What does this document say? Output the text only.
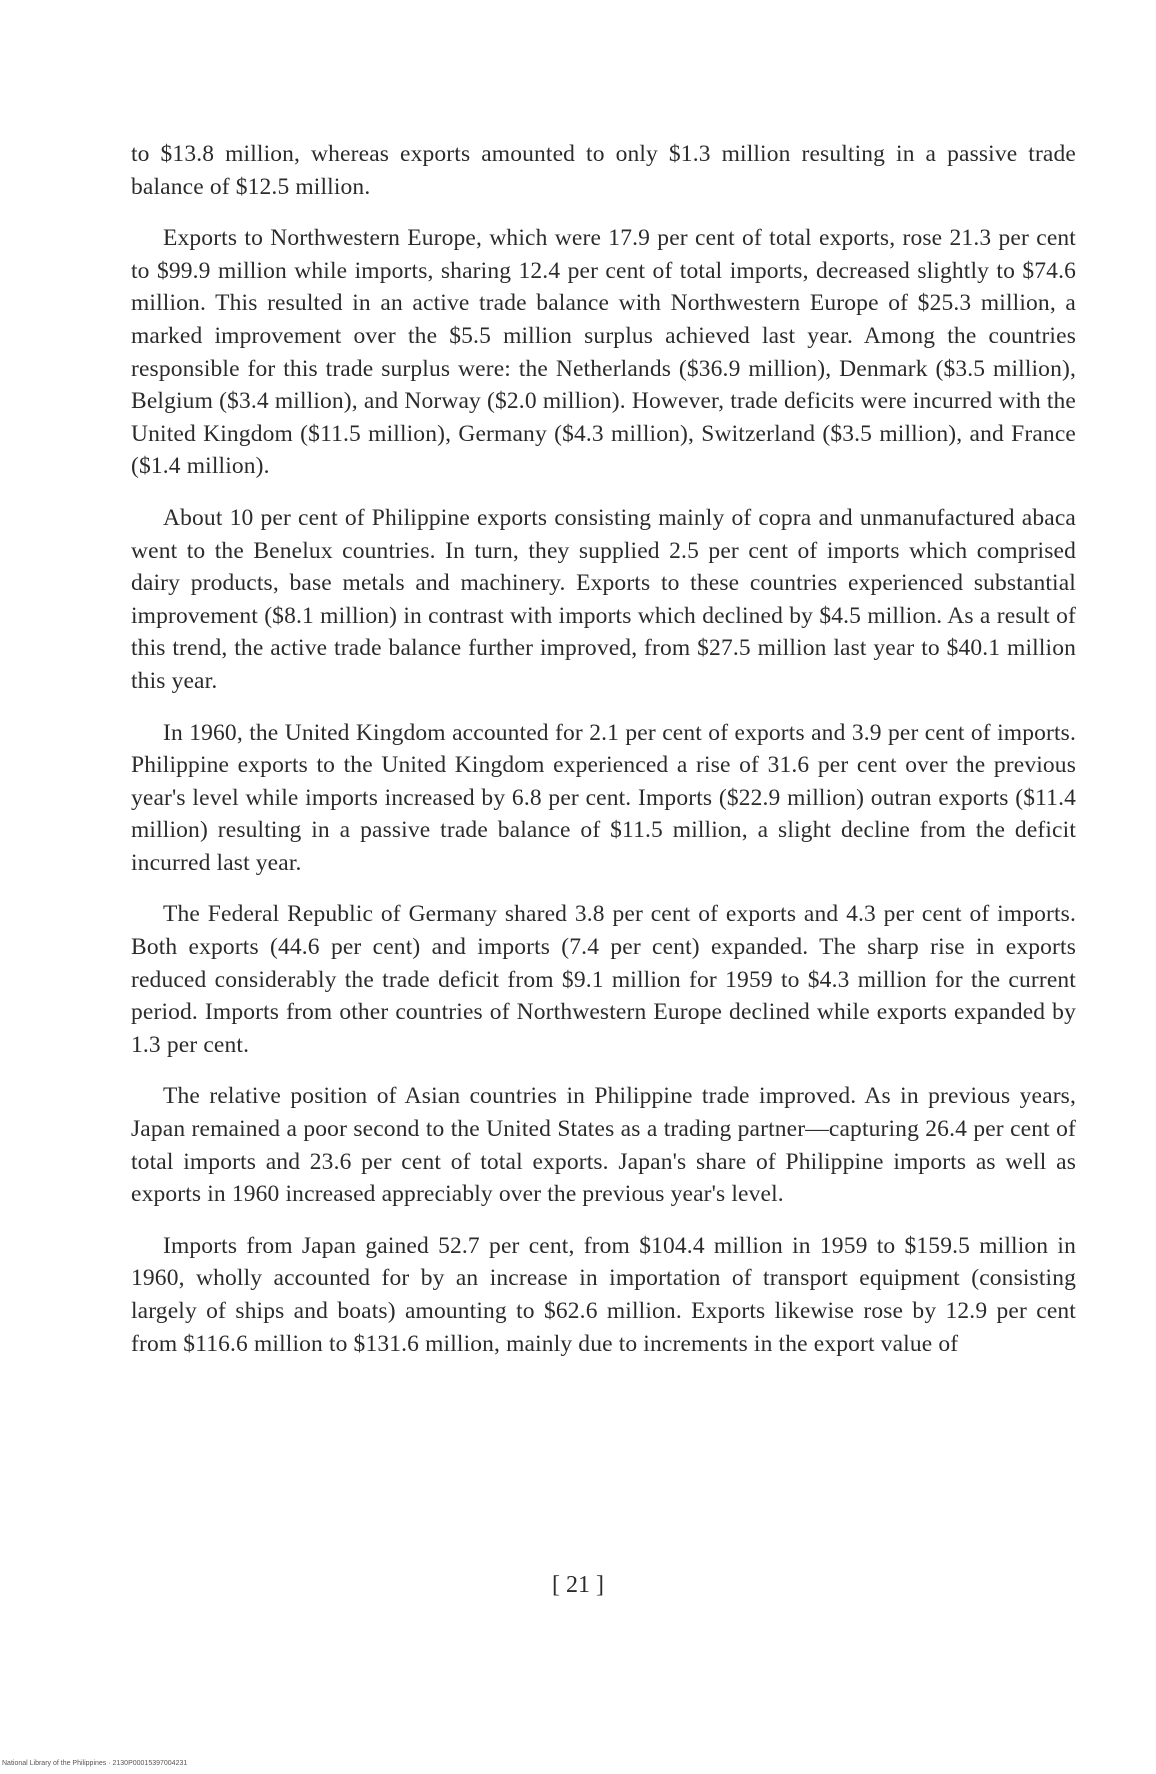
to $13.8 million, whereas exports amounted to only $1.3 million resulting in a passive trade balance of $12.5 million.

Exports to Northwestern Europe, which were 17.9 per cent of total exports, rose 21.3 per cent to $99.9 million while imports, sharing 12.4 per cent of total imports, decreased slightly to $74.6 million. This resulted in an active trade balance with Northwestern Europe of $25.3 million, a marked improvement over the $5.5 million surplus achieved last year. Among the countries responsible for this trade surplus were: the Netherlands ($36.9 million), Denmark ($3.5 million), Belgium ($3.4 million), and Norway ($2.0 million). However, trade deficits were incurred with the United Kingdom ($11.5 million), Germany ($4.3 million), Switzerland ($3.5 million), and France ($1.4 million).

About 10 per cent of Philippine exports consisting mainly of copra and unmanufactured abaca went to the Benelux countries. In turn, they supplied 2.5 per cent of imports which comprised dairy products, base metals and machinery. Exports to these countries experienced substantial improvement ($8.1 million) in contrast with imports which declined by $4.5 million. As a result of this trend, the active trade balance further improved, from $27.5 million last year to $40.1 million this year.

In 1960, the United Kingdom accounted for 2.1 per cent of exports and 3.9 per cent of imports. Philippine exports to the United Kingdom experienced a rise of 31.6 per cent over the previous year's level while imports increased by 6.8 per cent. Imports ($22.9 million) outran exports ($11.4 million) resulting in a passive trade balance of $11.5 million, a slight decline from the deficit incurred last year.

The Federal Republic of Germany shared 3.8 per cent of exports and 4.3 per cent of imports. Both exports (44.6 per cent) and imports (7.4 per cent) expanded. The sharp rise in exports reduced considerably the trade deficit from $9.1 million for 1959 to $4.3 million for the current period. Imports from other countries of Northwestern Europe declined while exports expanded by 1.3 per cent.

The relative position of Asian countries in Philippine trade improved. As in previous years, Japan remained a poor second to the United States as a trading partner—capturing 26.4 per cent of total imports and 23.6 per cent of total exports. Japan's share of Philippine imports as well as exports in 1960 increased appreciably over the previous year's level.

Imports from Japan gained 52.7 per cent, from $104.4 million in 1959 to $159.5 million in 1960, wholly accounted for by an increase in importation of transport equipment (consisting largely of ships and boats) amounting to $62.6 million. Exports likewise rose by 12.9 per cent from $116.6 million to $131.6 million, mainly due to increments in the export value of

[ 21 ]
National Library of the Philippines · 2130P00015397004231
